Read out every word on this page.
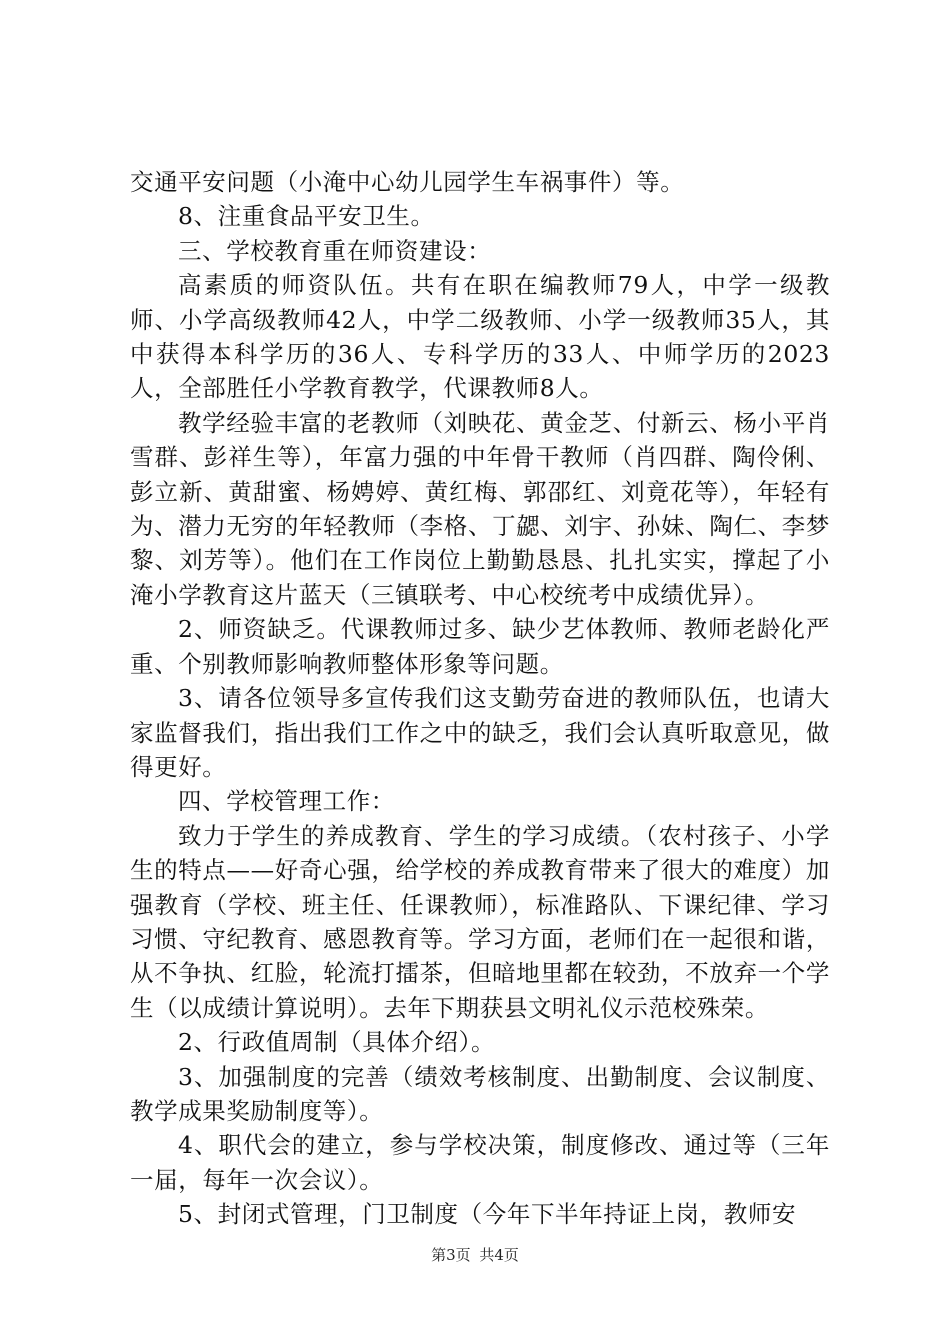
交通平安问题（小淹中心幼儿园学生车祸事件）等。

8、注重食品平安卫生。

三、学校教育重在师资建设：

高素质的师资队伍。共有在职在编教师79人，中学一级教师、小学高级教师42人，中学二级教师、小学一级教师35人，其中获得本科学历的36人、专科学历的33人、中师学历的2023人，全部胜任小学教育教学，代课教师8人。

教学经验丰富的老教师（刘映花、黄金芝、付新云、杨小平肖雪群、彭祥生等），年富力强的中年骨干教师（肖四群、陶伶俐、彭立新、黄甜蜜、杨娉婷、黄红梅、郭邵红、刘竟花等），年轻有为、潜力无穷的年轻教师（李格、丁勰、刘宇、孙妹、陶仁、李梦黎、刘芳等）。他们在工作岗位上勤勤恳恳、扎扎实实，撑起了小淹小学教育这片蓝天（三镇联考、中心校统考中成绩优异）。

2、师资缺乏。代课教师过多、缺少艺体教师、教师老龄化严重、个别教师影响教师整体形象等问题。

3、请各位领导多宣传我们这支勤劳奋进的教师队伍，也请大家监督我们，指出我们工作之中的缺乏，我们会认真听取意见，做得更好。

四、学校管理工作：

致力于学生的养成教育、学生的学习成绩。（农村孩子、小学生的特点——好奇心强，给学校的养成教育带来了很大的难度）加强教育（学校、班主任、任课教师），标准路队、下课纪律、学习习惯、守纪教育、感恩教育等。学习方面，老师们在一起很和谐，从不争执、红脸，轮流打擂茶，但暗地里都在较劲，不放弃一个学生（以成绩计算说明）。去年下期获县文明礼仪示范校殊荣。

2、行政值周制（具体介绍）。

3、加强制度的完善（绩效考核制度、出勤制度、会议制度、教学成果奖励制度等）。

4、职代会的建立，参与学校决策，制度修改、通过等（三年一届，每年一次会议）。

5、封闭式管理，门卫制度（今年下半年持证上岗，教师安

第3页 共4页
